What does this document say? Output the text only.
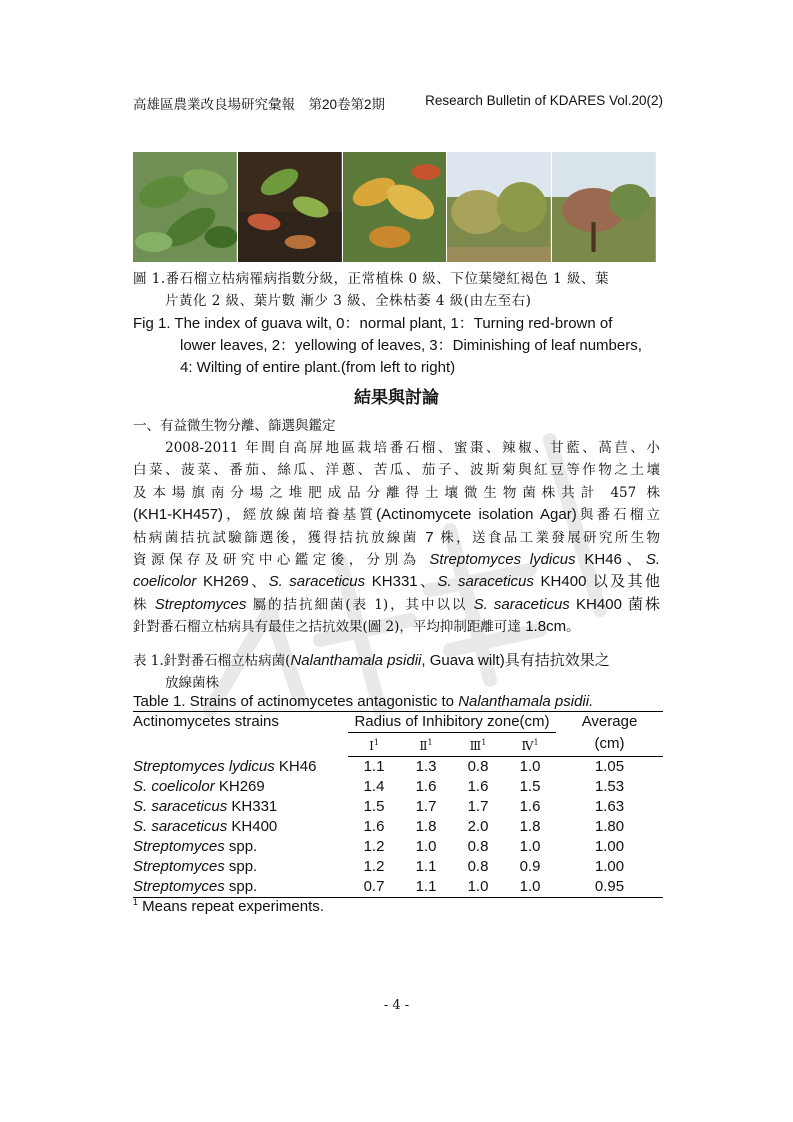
高雄區農業改良場研究彙報　第20卷第2期	Research Bulletin of KDARES Vol.20(2)
圖 1.番石榴立枯病罹病指數分級，正常植株 0 級、下位葉變紅褐色 1 級、葉
片黃化 2 級、葉片數 漸少 3 級、全株枯萎 4 級(由左至右)
Fig 1. The index of guava wilt, 0：normal plant, 1：Turning red-brown of
lower leaves, 2：yellowing of leaves, 3：Diminishing of leaf numbers,
4: Wilting of entire plant.(from left to right)
結果與討論
一、有益微生物分離、篩選與鑑定
　　2008-2011 年間自高屏地區栽培番石榴、蜜棗、辣椒、甘藍、萵苣、小
白菜、菠菜、番茄、絲瓜、洋蔥、苦瓜、茄子、波斯菊與紅豆等作物之土壤
及本場旗南分場之堆肥成品分離得土壤微生物菌株共計 457 株
(KH1-KH457)，經放線菌培養基質(Actinomycete isolation Agar)與番石榴立
枯病菌拮抗試驗篩選後，獲得拮抗放線菌 7 株，送食品工業發展研究所生物
資源保存及研究中心鑑定後，分別為 Streptomyces lydicus KH46、S.
coelicolor KH269、S. saraceticus KH331、S. saraceticus KH400 以及其他
株 Streptomyces 屬的拮抗細菌(表 1)，其中以以 S. saraceticus KH400 菌株
針對番石榴立枯病具有最佳之拮抗效果(圖 2)，平均抑制距離可達 1.8cm。
表 1.針對番石榴立枯病菌(Nalanthamala psidii, Guava wilt)具有拮抗效果之
放線菌株
Table 1. Strains of actinomycetes antagonistic to Nalanthamala psidii.
Actinomycetes strains	Radius of Inhibitory zone(cm)				Average
	Ⅰ$^1$	Ⅱ$^1$	Ⅲ$^1$	Ⅳ$^1$	(cm)
Streptomyces lydicus KH46	1.1	1.3	0.8	1.0	1.05
S. coelicolor KH269	1.4	1.6	1.6	1.5	1.53
S. saraceticus KH331	1.5	1.7	1.7	1.6	1.63
S. saraceticus KH400	1.6	1.8	2.0	1.8	1.80
Streptomyces spp.	1.2	1.0	0.8	1.0	1.00
Streptomyces spp.	1.2	1.1	0.8	0.9	1.00
Streptomyces spp.	0.7	1.1	1.0	1.0	0.95
$^1$ Means repeat experiments.
- 4 -
